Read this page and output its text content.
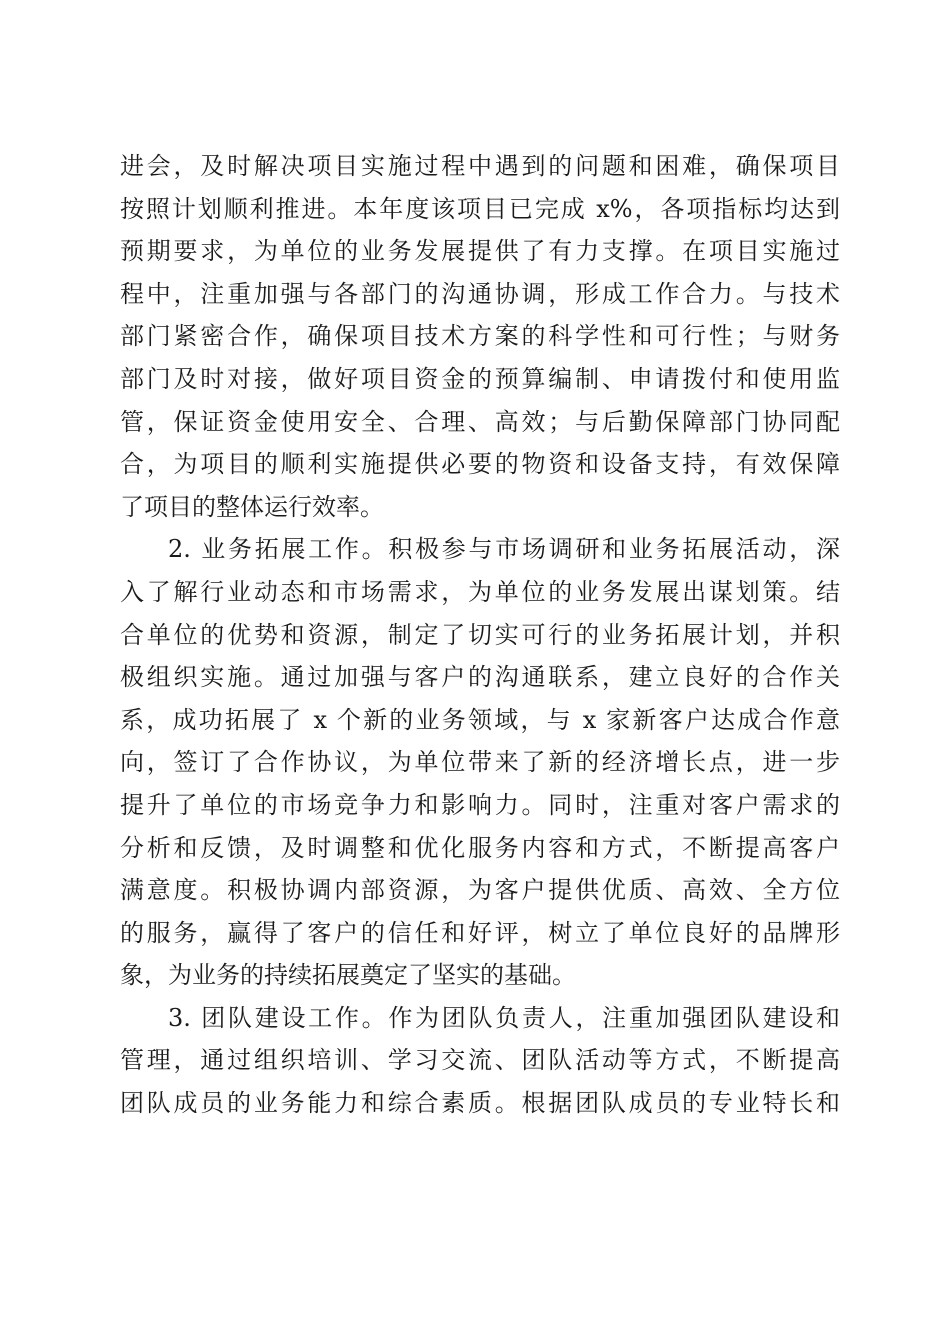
进会，及时解决项目实施过程中遇到的问题和困难，确保项目
按照计划顺利推进。本年度该项目已完成 x%，各项指标均达到
预期要求，为单位的业务发展提供了有力支撑。在项目实施过
程中，注重加强与各部门的沟通协调，形成工作合力。与技术
部门紧密合作，确保项目技术方案的科学性和可行性；与财务
部门及时对接，做好项目资金的预算编制、申请拨付和使用监
管，保证资金使用安全、合理、高效；与后勤保障部门协同配
合，为项目的顺利实施提供必要的物资和设备支持，有效保障
了项目的整体运行效率。
2. 业务拓展工作。积极参与市场调研和业务拓展活动，深
入了解行业动态和市场需求，为单位的业务发展出谋划策。结
合单位的优势和资源，制定了切实可行的业务拓展计划，并积
极组织实施。通过加强与客户的沟通联系，建立良好的合作关
系，成功拓展了 x 个新的业务领域，与 x 家新客户达成合作意
向，签订了合作协议，为单位带来了新的经济增长点，进一步
提升了单位的市场竞争力和影响力。同时，注重对客户需求的
分析和反馈，及时调整和优化服务内容和方式，不断提高客户
满意度。积极协调内部资源，为客户提供优质、高效、全方位
的服务，赢得了客户的信任和好评，树立了单位良好的品牌形
象，为业务的持续拓展奠定了坚实的基础。
3. 团队建设工作。作为团队负责人，注重加强团队建设和
管理，通过组织培训、学习交流、团队活动等方式，不断提高
团队成员的业务能力和综合素质。根据团队成员的专业特长和
